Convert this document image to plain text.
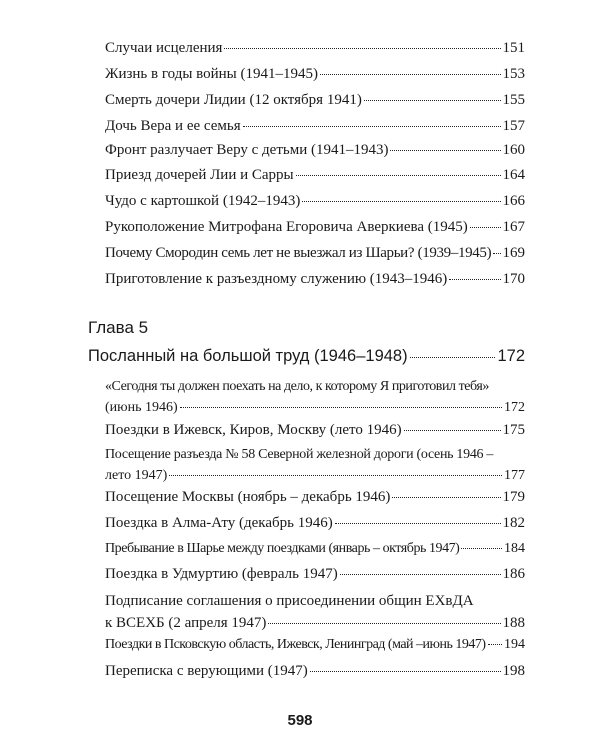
Случаи исцеления	151
Жизнь в годы войны (1941–1945)	153
Смерть дочери Лидии (12 октября 1941)	155
Дочь Вера и ее семья	157
Фронт разлучает Веру с детьми (1941–1943)	160
Приезд дочерей Лии и Сарры	164
Чудо с картошкой (1942–1943)	166
Рукоположение Митрофана Егоровича Аверкиева (1945) 167
Почему Смородин семь лет не выезжал из Шарьи? (1939–1945) 169
Приготовление к разъездному служению (1943–1946)	170
Глава 5
Посланный на большой труд (1946–1948)	172
«Сегодня ты должен поехать на дело, к которому Я приготовил тебя»
(июнь 1946)	172
Поездки в Ижевск, Киров, Москву (лето 1946)	175
Посещение разъезда № 58 Северной железной дороги (осень 1946 –
лето 1947)	177
Посещение Москвы (ноябрь – декабрь 1946)	179
Поездка в Алма-Ату (декабрь 1946)	182
Пребывание в Шарье между поездками (январь – октябрь 1947)	184
Поездка в Удмуртию (февраль 1947)	186
Подписание соглашения о присоединении общин ЕХвДА
к ВСЕХБ (2 апреля 1947)	188
Поездки в Псковскую область, Ижевск, Ленинград (май –июнь 1947) 194
Переписка с верующими (1947)	198
598
